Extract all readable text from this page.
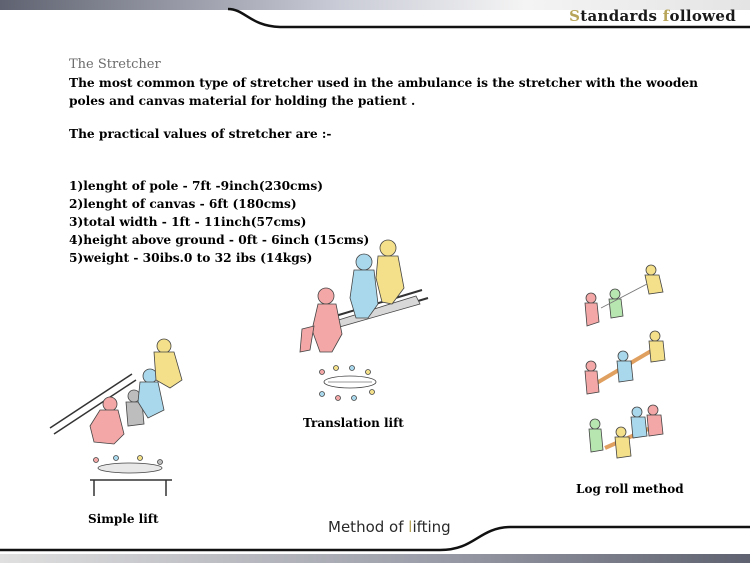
Standards followed
The Stretcher
The most common type of stretcher used in the ambulance is the stretcher with the wooden poles and canvas material for holding the patient .
The practical values of stretcher are :-
1)lenght of pole - 7ft -9inch(230cms)
2)lenght of canvas - 6ft (180cms)
3)total width - 1ft - 11inch(57cms)
4)height above ground - 0ft - 6inch (15cms)
5)weight - 30ibs.0 to 32 ibs (14kgs)
Translation lift
Simple lift
Log roll method
Method of lifting
